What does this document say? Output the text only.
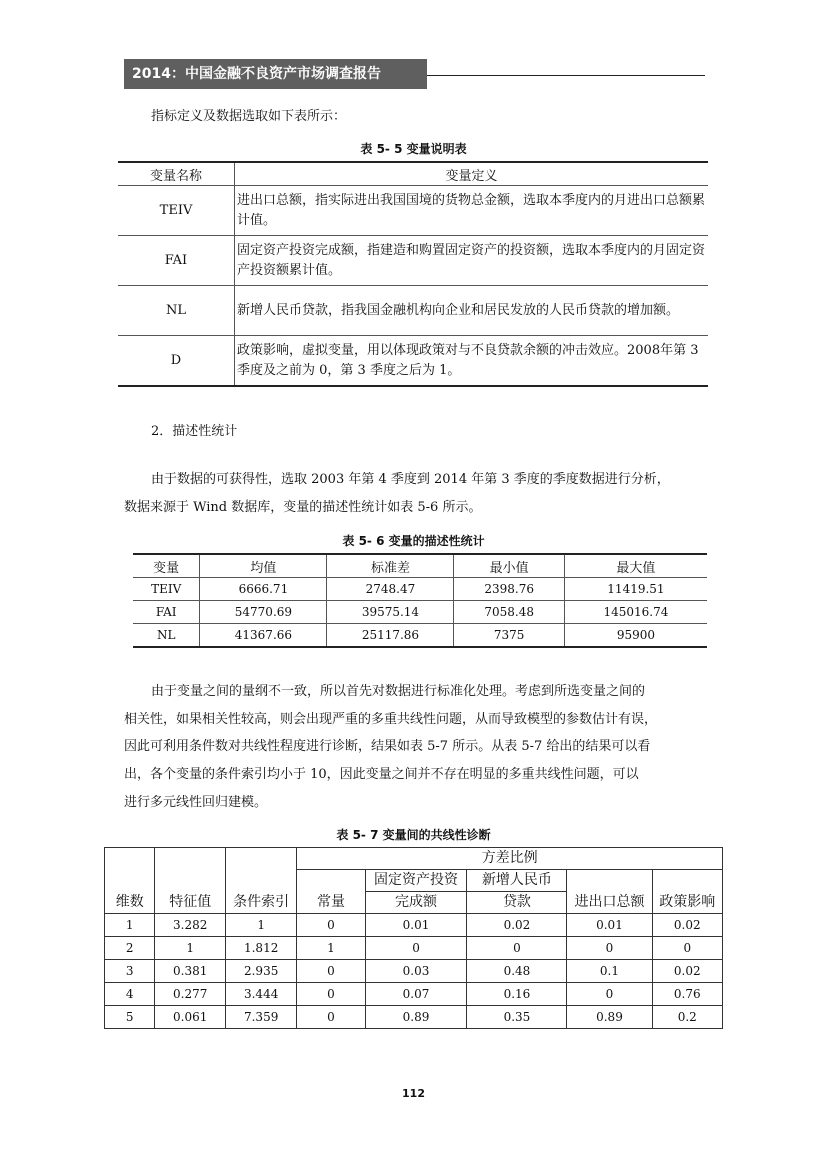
2014：中国金融不良资产市场调查报告
指标定义及数据选取如下表所示：
表 5- 5 变量说明表
变量名称	变量定义
TEIV	进出口总额，指实际进出我国国境的货物总金额，选取本季度内的月进出口总额累计值。
FAI	固定资产投资完成额，指建造和购置固定资产的投资额，选取本季度内的月固定资产投资额累计值。
NL	新增人民币贷款，指我国金融机构向企业和居民发放的人民币贷款的增加额。
D	政策影响，虚拟变量，用以体现政策对与不良贷款余额的冲击效应。2008年第 3 季度及之前为 0，第 3 季度之后为 1。
2．描述性统计
由于数据的可获得性，选取 2003 年第 4 季度到 2014 年第 3 季度的季度数据进行分析，
数据来源于 Wind 数据库，变量的描述性统计如表 5-6 所示。
表 5- 6 变量的描述性统计
变量	均值	标准差	最小值	最大值
TEIV	6666.71	2748.47	2398.76	11419.51
FAI	54770.69	39575.14	7058.48	145016.74
NL	41367.66	25117.86	7375	95900
由于变量之间的量纲不一致，所以首先对数据进行标准化处理。考虑到所选变量之间的
相关性，如果相关性较高，则会出现严重的多重共线性问题，从而导致模型的参数估计有误，
因此可利用条件数对共线性程度进行诊断，结果如表 5-7 所示。从表 5-7 给出的结果可以看
出，各个变量的条件索引均小于 10，因此变量之间并不存在明显的多重共线性问题，可以
进行多元线性回归建模。
表 5- 7 变量间的共线性诊断
维数	特征值	条件索引	方差比例				
			常量	固定资产投资	新增人民币	进出口总额	政策影响
				完成额	贷款		
1	3.282	1	0	0.01	0.02	0.01	0.02
2	1	1.812	1	0	0	0	0
3	0.381	2.935	0	0.03	0.48	0.1	0.02
4	0.277	3.444	0	0.07	0.16	0	0.76
5	0.061	7.359	0	0.89	0.35	0.89	0.2
112
